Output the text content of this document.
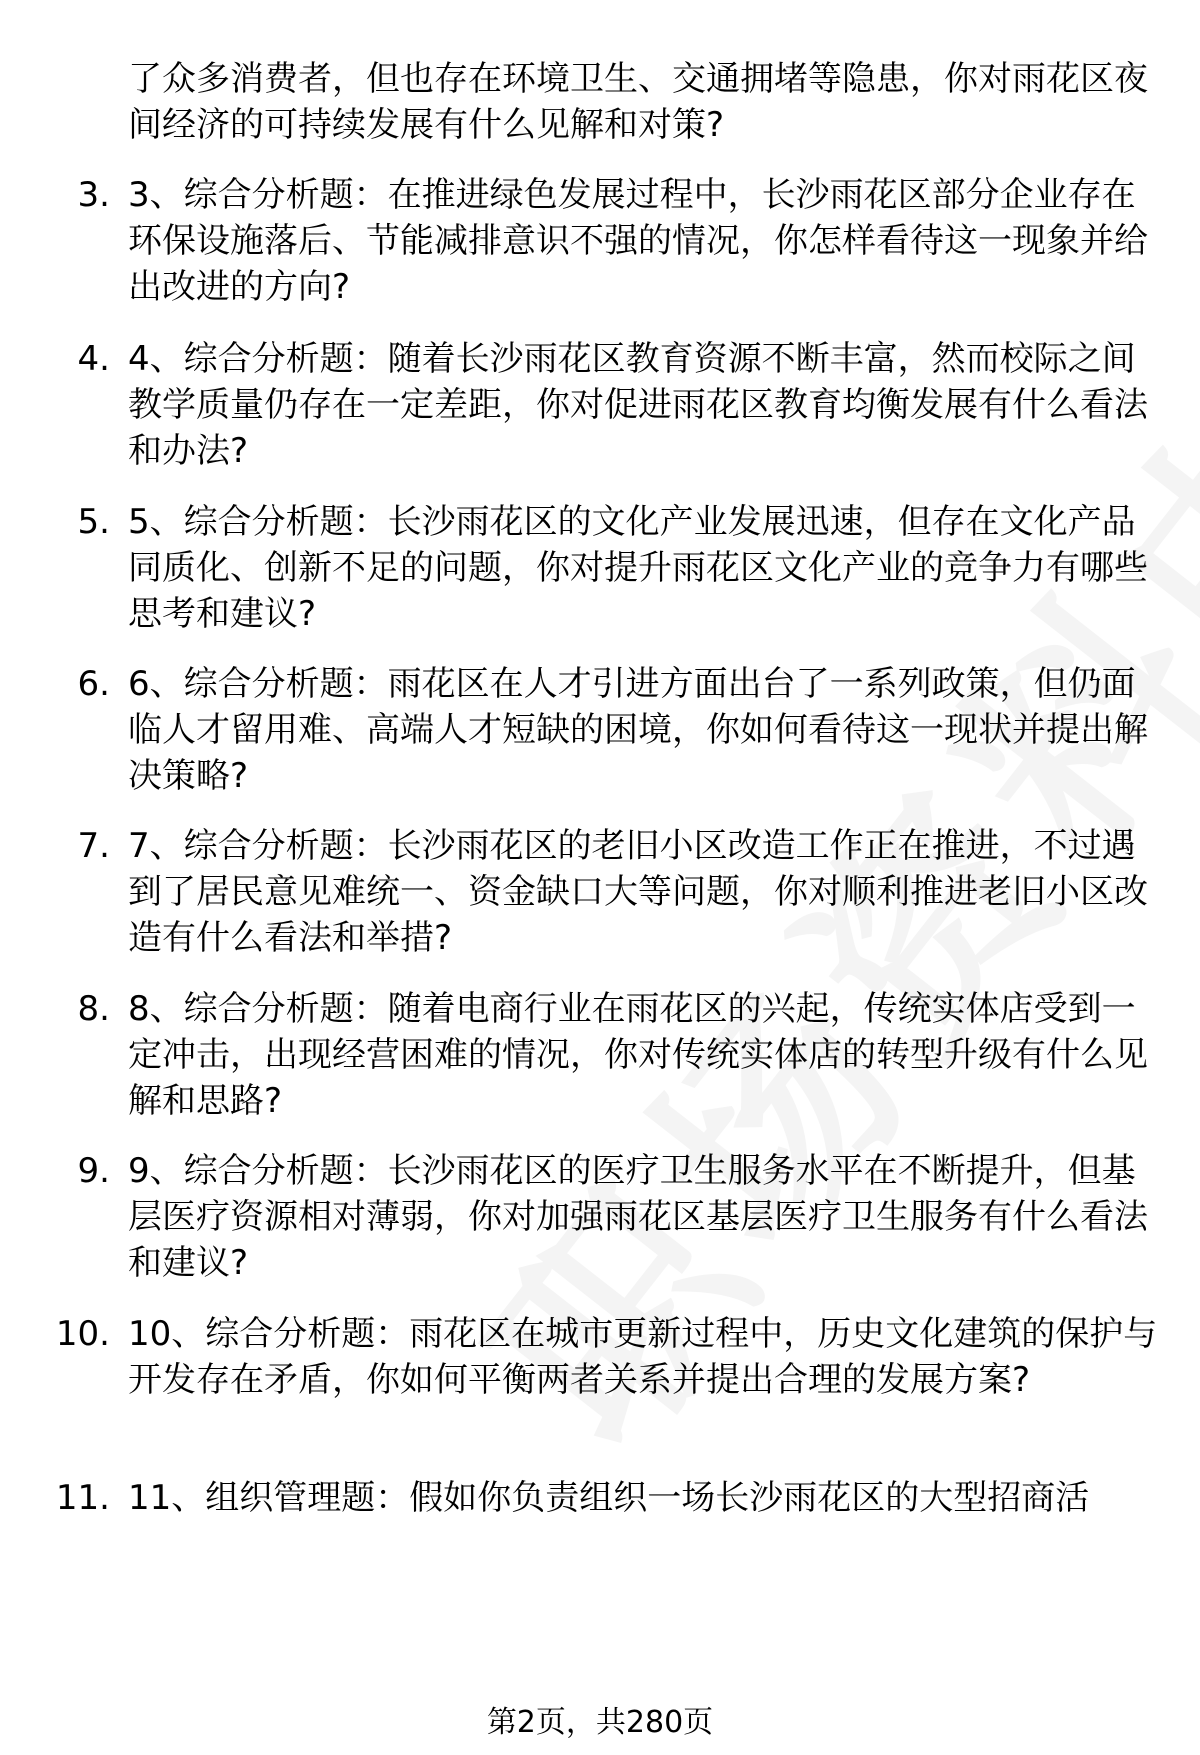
了众多消费者，但也存在环境卫生、交通拥堵等隐患，你对雨花区夜间经济的可持续发展有什么见解和对策?
3. 3、综合分析题：在推进绿色发展过程中，长沙雨花区部分企业存在环保设施落后、节能减排意识不强的情况，你怎样看待这一现象并给出改进的方向?
4. 4、综合分析题：随着长沙雨花区教育资源不断丰富，然而校际之间教学质量仍存在一定差距，你对促进雨花区教育均衡发展有什么看法和办法?
5. 5、综合分析题：长沙雨花区的文化产业发展迅速，但存在文化产品同质化、创新不足的问题，你对提升雨花区文化产业的竞争力有哪些思考和建议?
6. 6、综合分析题：雨花区在人才引进方面出台了一系列政策，但仍面临人才留用难、高端人才短缺的困境，你如何看待这一现状并提出解决策略?
7. 7、综合分析题：长沙雨花区的老旧小区改造工作正在推进，不过遇到了居民意见难统一、资金缺口大等问题，你对顺利推进老旧小区改造有什么看法和举措?
8. 8、综合分析题：随着电商行业在雨花区的兴起，传统实体店受到一定冲击，出现经营困难的情况，你对传统实体店的转型升级有什么见解和思路?
9. 9、综合分析题：长沙雨花区的医疗卫生服务水平在不断提升，但基层医疗资源相对薄弱，你对加强雨花区基层医疗卫生服务有什么看法和建议?
10. 10、综合分析题：雨花区在城市更新过程中，历史文化建筑的保护与开发存在矛盾，你如何平衡两者关系并提出合理的发展方案?
11. 11、组织管理题：假如你负责组织一场长沙雨花区的大型招商活
第2页，共280页
